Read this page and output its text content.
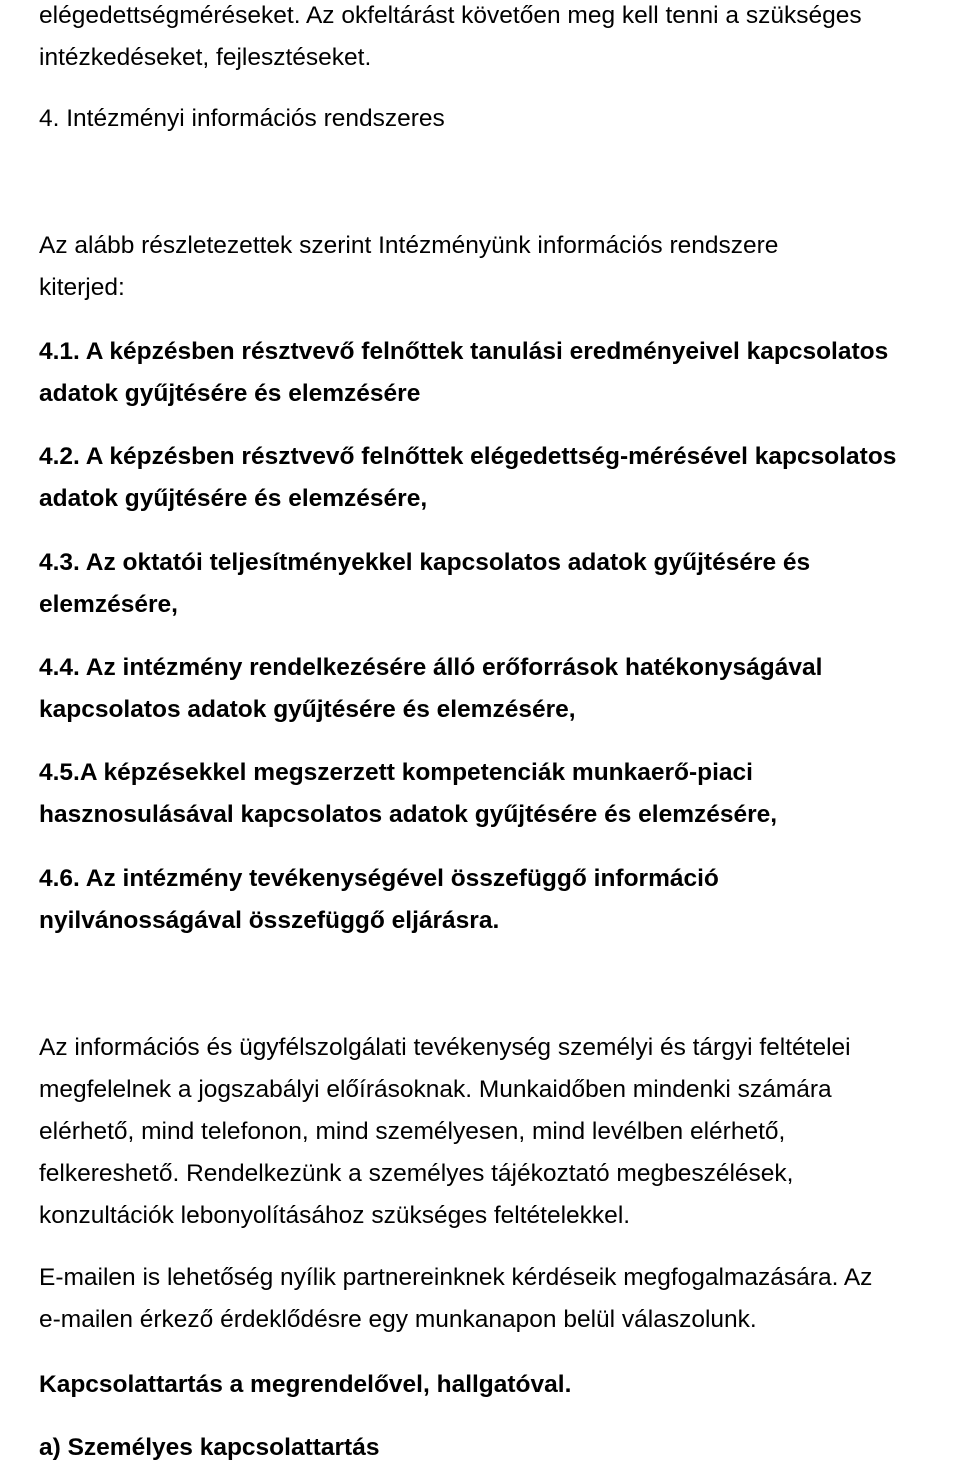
elégedettségméréseket. Az okfeltárást követően meg kell tenni a szükséges
intézkedéseket, fejlesztéseket.
4. Intézményi információs rendszeres
Az alább részletezettek szerint Intézményünk információs rendszere
kiterjed:
4.1. A képzésben résztvevő felnőttek tanulási eredményeivel kapcsolatos
adatok gyűjtésére és elemzésére
4.2. A képzésben résztvevő felnőttek elégedettség-mérésével kapcsolatos
adatok gyűjtésére és elemzésére,
4.3. Az oktatói teljesítményekkel kapcsolatos adatok gyűjtésére és
elemzésére,
4.4. Az intézmény rendelkezésére álló erőforrások hatékonyságával
kapcsolatos adatok gyűjtésére és elemzésére,
4.5.A képzésekkel megszerzett kompetenciák munkaerő-piaci
hasznosulásával kapcsolatos adatok gyűjtésére és elemzésére,
4.6. Az intézmény tevékenységével összefüggő információ
nyilvánosságával összefüggő eljárásra.
Az információs és ügyfélszolgálati tevékenység személyi és tárgyi feltételei
megfelelnek a jogszabályi előírásoknak. Munkaidőben mindenki számára
elérhető, mind telefonon, mind személyesen, mind levélben elérhető,
felkereshető. Rendelkezünk a személyes tájékoztató megbeszélések,
konzultációk lebonyolításához szükséges feltételekkel.
E-mailen is lehetőség nyílik partnereinknek kérdéseik megfogalmazására. Az
e-mailen érkező érdeklődésre egy munkanapon belül válaszolunk.
Kapcsolattartás a megrendelővel, hallgatóval.
a) Személyes kapcsolattartás
